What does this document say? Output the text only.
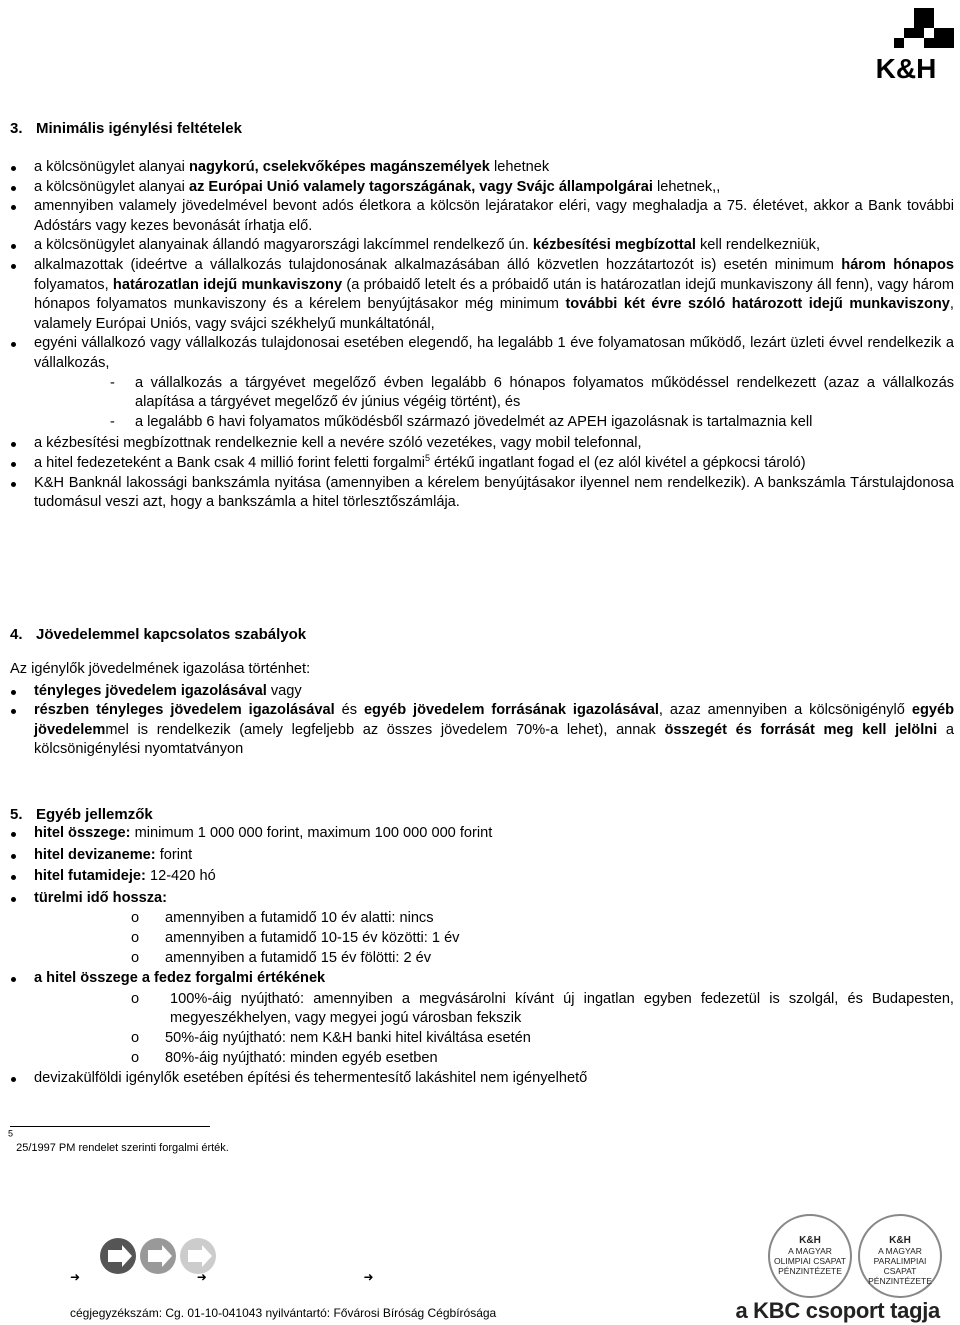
K&H
3. Minimális igénylési feltételek
a kölcsönügylet alanyai nagykorú, cselekvőképes magánszemélyek lehetnek
a kölcsönügylet alanyai az Európai Unió valamely tagországának, vagy Svájc állampolgárai lehetnek,,
amennyiben valamely jövedelmével bevont adós életkora a kölcsön lejáratakor eléri, vagy meghaladja a 75. életévet, akkor a Bank további Adóstárs vagy kezes bevonását írhatja elő.
a kölcsönügylet alanyainak állandó magyarországi lakcímmel rendelkező ún. kézbesítési megbízottal kell rendelkezniük,
alkalmazottak (ideértve a vállalkozás tulajdonosának alkalmazásában álló közvetlen hozzátartozót is) esetén minimum három hónapos folyamatos, határozatlan idejű munkaviszony (a próbaidő letelt és a próbaidő után is határozatlan idejű munkaviszony áll fenn), vagy három hónapos folyamatos munkaviszony és a kérelem benyújtásakor még minimum további két évre szóló határozott idejű munkaviszony, valamely Európai Uniós, vagy svájci székhelyű munkáltatónál,
egyéni vállalkozó vagy vállalkozás tulajdonosai esetében elegendő, ha legalább 1 éve folyamatosan működő, lezárt üzleti évvel rendelkezik a vállalkozás,
- a vállalkozás a tárgyévet megelőző évben legalább 6 hónapos folyamatos működéssel rendelkezett (azaz a vállalkozás alapítása a tárgyévet megelőző év június végéig történt), és
- a legalább 6 havi folyamatos működésből származó jövedelmét az APEH igazolásnak is tartalmaznia kell
a kézbesítési megbízottnak rendelkeznie kell a nevére szóló vezetékes, vagy mobil telefonnal,
a hitel fedezeteként a Bank csak 4 millió forint feletti forgalmi$^5$ értékű ingatlant fogad el (ez alól kivétel a gépkocsi tároló)
K&H Banknál lakossági bankszámla nyitása (amennyiben a kérelem benyújtásakor ilyennel nem rendelkezik). A bankszámla Társtulajdonosa tudomásul veszi azt, hogy a bankszámla a hitel törlesztőszámlája.
4. Jövedelemmel kapcsolatos szabályok
Az igénylők jövedelmének igazolása történhet:
tényleges jövedelem igazolásával vagy
részben tényleges jövedelem igazolásával és egyéb jövedelem forrásának igazolásával, azaz amennyiben a kölcsönigénylő egyéb jövedelemmel is rendelkezik (amely legfeljebb az összes jövedelem 70%-a lehet), annak összegét és forrását meg kell jelölni a kölcsönigénylési nyomtatványon
5. Egyéb jellemzők
hitel összege: minimum 1 000 000 forint, maximum 100 000 000 forint
hitel devizaneme: forint
hitel futamideje: 12-420 hó
türelmi idő hossza:
o amennyiben a futamidő 10 év alatti: nincs
o amennyiben a futamidő 10-15 év közötti: 1 év
o amennyiben a futamidő 15 év fölötti: 2 év
a hitel összege a fedez forgalmi értékének
o 100%-áig nyújtható: amennyiben a megvásárolni kívánt új ingatlan egyben fedezetül is szolgál, és Budapesten, megyeszékhelyen, vagy megyei jogú városban fekszik
o 50%-áig nyújtható: nem K&H banki hitel kiváltása esetén
o 80%-áig nyújtható: minden egyéb esetben
devizakülföldi igénylők esetében építési és tehermentesítő lakáshitel nem igényelhető
$^5$ 25/1997 PM rendelet szerinti forgalmi érték.
➜	➜	➜
cégjegyzékszám: Cg. 01-10-041043 nyilvántartó: Fővárosi Bíróság Cégbírósága
K&H
A MAGYAR
OLIMPIAI CSAPAT
PÉNZINTÉZETE
K&H
A MAGYAR
PARALIMPIAI CSAPAT
PÉNZINTÉZETE
a KBC csoport tagja
